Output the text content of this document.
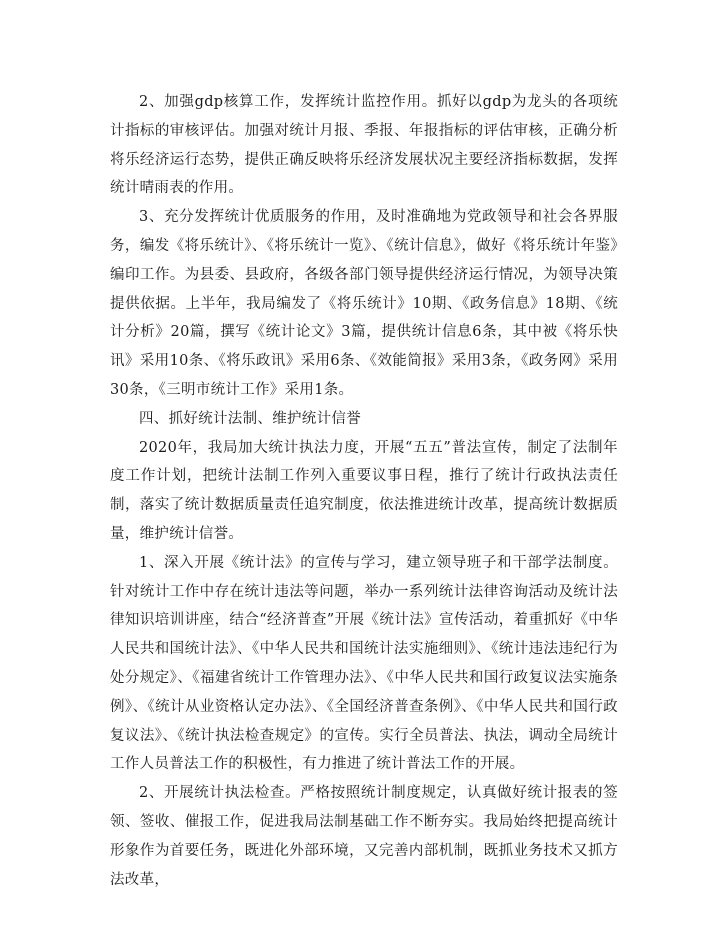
2、加强gdp核算工作，发挥统计监控作用。抓好以gdp为龙头的各项统计指标的审核评估。加强对统计月报、季报、年报指标的评估审核，正确分析将乐经济运行态势，提供正确反映将乐经济发展状况主要经济指标数据，发挥统计晴雨表的作用。

3、充分发挥统计优质服务的作用，及时准确地为党政领导和社会各界服务，编发《将乐统计》、《将乐统计一览》、《统计信息》，做好《将乐统计年鉴》编印工作。为县委、县政府，各级各部门领导提供经济运行情况，为领导决策提供依据。上半年，我局编发了《将乐统计》10期、《政务信息》18期、《统计分析》20篇，撰写《统计论文》3篇，提供统计信息6条，其中被《将乐快讯》采用10条、《将乐政讯》采用6条、《效能简报》采用3条，《政务网》采用30条，《三明市统计工作》采用1条。

四、抓好统计法制、维护统计信誉

2020年，我局加大统计执法力度，开展“五五”普法宣传，制定了法制年度工作计划，把统计法制工作列入重要议事日程，推行了统计行政执法责任制，落实了统计数据质量责任追究制度，依法推进统计改革，提高统计数据质量，维护统计信誉。

1、深入开展《统计法》的宣传与学习，建立领导班子和干部学法制度。针对统计工作中存在统计违法等问题，举办一系列统计法律咨询活动及统计法律知识培训讲座，结合“经济普查”开展《统计法》宣传活动，着重抓好《中华人民共和国统计法》、《中华人民共和国统计法实施细则》、《统计违法违纪行为处分规定》、《福建省统计工作管理办法》、《中华人民共和国行政复议法实施条例》、《统计从业资格认定办法》、《全国经济普查条例》、《中华人民共和国行政复议法》、《统计执法检查规定》的宣传。实行全员普法、执法，调动全局统计工作人员普法工作的积极性，有力推进了统计普法工作的开展。

2、开展统计执法检查。严格按照统计制度规定，认真做好统计报表的签领、签收、催报工作，促进我局法制基础工作不断夯实。我局始终把提高统计形象作为首要任务，既进化外部环境，又完善内部机制，既抓业务技术又抓方法改革，
